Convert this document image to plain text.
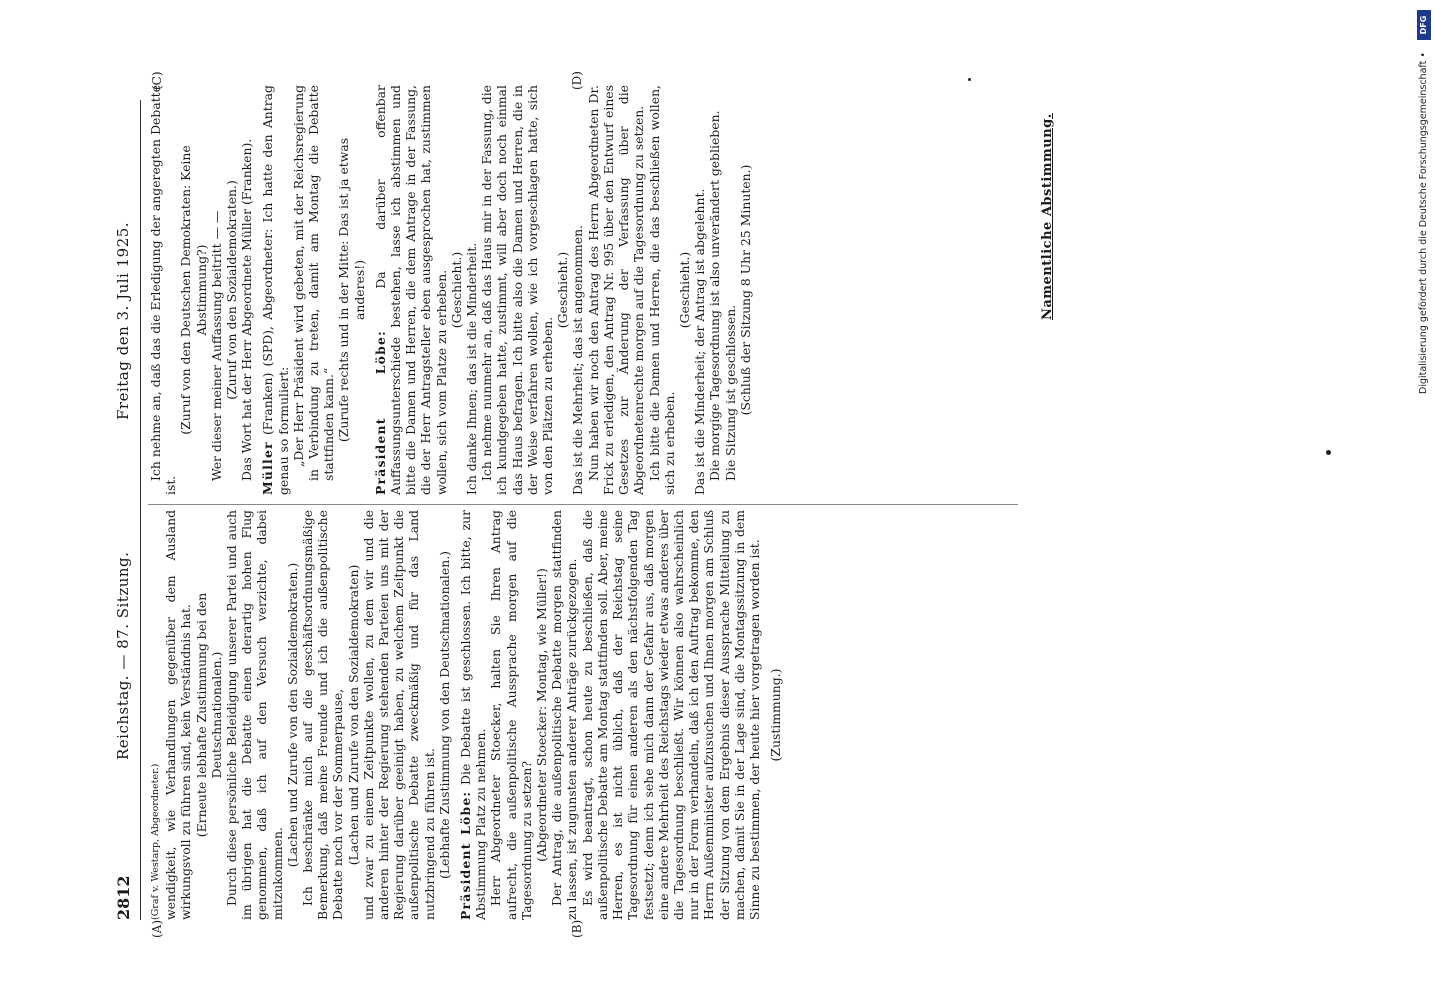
2812
Reichstag. — 87. Sitzung.
Freitag den 3. Juli 1925.
(A)	(B)
(C)	(D)

(Graf v. Westarp, Abgeordneter.) wendigkeit, wie Verhandlungen gegenüber dem Ausland wirkungsvoll zu führen sind, kein Verständnis hat. (Erneute lebhafte Zustimmung bei den Deutschnationalen.) Durch diese persönliche Beleidigung unserer Partei und auch im übrigen hat die Debatte einen derartig hohen Flug genommen, daß ich auf den Versuch verzichte, dabei mitzukommen.

(Lachen und Zurufe von den Sozialdemokraten.) Ich beschränke mich auf die geschäftsordnungsmäßige Bemerkung, daß meine Freunde und ich die außenpolitische Debatte noch vor der Sommerpause, (Lachen und Zurufe von den Sozialdemokraten) und zwar zu einem Zeitpunkte wollen, zu dem wir und die anderen hinter der Regierung stehenden Parteien uns mit der Regierung darüber geeinigt haben, zu welchem Zeitpunkt die außenpolitische Debatte zweckmäßig und für das Land nutzbringend zu führen ist. (Lebhafte Zustimmung von den Deutschnationalen.) Präsident Löbe: Die Debatte ist geschlossen. Ich bitte, zur Abstimmung Platz zu nehmen. Herr Abgeordneter Stoecker, halten Sie Ihren Antrag aufrecht, die außenpolitische Aussprache morgen auf die Tagesordnung zu setzen? (Abgeordneter Stoecker: Montag, wie Müller!) Der Antrag, die außenpolitische Debatte morgen stattfinden zu lassen, ist zugunsten anderer Anträge zurückgezogen. Es wird beantragt, schon heute zu beschließen, daß die außenpolitische Debatte am Montag stattfinden soll. Aber, meine Herren, es ist nicht üblich, daß der Reichstag seine Tagesordnung für einen anderen als den nächstfolgenden Tag festsetzt; denn ich sehe mich dann der Gefahr aus, daß morgen eine andere Mehrheit des Reichstags wieder etwas anderes über die Tagesordnung beschließt. Wir können also wahrscheinlich nur in der Form verhandeln, daß ich den Auftrag bekomme, den Herrn Außenminister aufzusuchen und Ihnen morgen am Schluß der Sitzung von dem Ergebnis dieser Aussprache Mitteilung zu machen, damit Sie in der Lage sind, die Montagssitzung in dem Sinne zu bestimmen, der heute hier vorgetragen worden ist. (Zustimmung.)

Ich nehme an, daß das die Erledigung der angeregten Debatte ist.

(Zuruf von den Deutschen Demokraten: Keine Abstimmung?) Wer dieser meiner Auffassung beitritt — — (Zuruf von den Sozialdemokraten.) Das Wort hat der Herr Abgeordnete Müller (Franken). Müller (Franken) (SPD), Abgeordneter: Ich hatte den Antrag genau so formuliert: „Der Herr Präsident wird gebeten, mit der Reichsregierung in Verbindung zu treten, damit am Montag die Debatte stattfinden kann.“ (Zurufe rechts und in der Mitte: Das ist ja etwas anderes!)

Präsident Löbe: Da darüber offenbar Auffassungsunterschiede bestehen, lasse ich abstimmen und bitte die Damen und Herren, die dem Antrage in der Fassung, die der Herr Antragsteller eben ausgesprochen hat, zustimmen wollen, sich vom Platze zu erheben. (Geschieht.) Ich danke Ihnen; das ist die Minderheit. Ich nehme nunmehr an, daß das Haus mir in der Fassung, die ich kundgegeben hatte, zustimmt, will aber doch noch einmal das Haus befragen. Ich bitte also die Damen und Herren, die in der Weise verfahren wollen, wie ich vorgeschlagen hatte, sich von den Plätzen zu erheben.

(Geschieht.) Das ist die Mehrheit; das ist angenommen. Nun haben wir noch den Antrag des Herrn Abgeordneten Dr. Frick zu erledigen, den Antrag Nr. 995 über den Entwurf eines Gesetzes zur Änderung der Verfassung über die Abgeordnetenrechte morgen auf die Tagesordnung zu setzen. Ich bitte die Damen und Herren, die das beschließen wollen, sich zu erheben.

(Geschieht.) Das ist die Minderheit; der Antrag ist abgelehnt. Die morgige Tagesordnung ist also unverändert geblieben. Die Sitzung ist geschlossen. (Schluß der Sitzung 8 Uhr 25 Minuten.)	Namentliche Abstimmung.	Digitalisierung gefördert durch die Deutsche Forschungsgemeinschaft •
DFG
